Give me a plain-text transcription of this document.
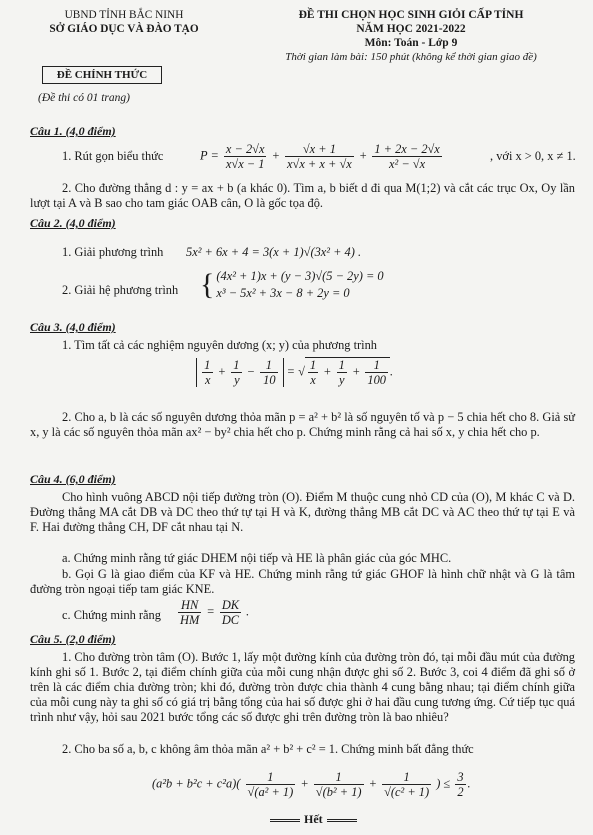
UBND TỈNH BẮC NINH
SỞ GIÁO DỤC VÀ ĐÀO TẠO
ĐỀ THI CHỌN HỌC SINH GIỎI CẤP TỈNH
NĂM HỌC 2021-2022
Môn: Toán - Lớp 9
Thời gian làm bài: 150 phút (không kể thời gian giao đề)
ĐỀ CHÍNH THỨC
(Đề thi có 01 trang)
Câu 1. (4,0 điểm)
1. Rút gọn biểu thức	$P = \frac{x - 2√x}{x√x - 1} + \frac{√x + 1}{x√x + x + √x} + \frac{1 + 2x - 2√x}{\text{x² − √x}}$	, với x > 0, x ≠ 1.
2. Cho đường thẳng d : y = ax + b (a khác 0). Tìm a, b biết d đi qua M(1;2) và cắt các trục Ox, Oy lần lượt tại A và B sao cho tam giác OAB cân, O là gốc tọa độ.
Câu 2. (4,0 điểm)
1. Giải phương trình 5x² + 6x + 4 = 3(x + 1)√(3x² + 4) .
2. Giải hệ phương trình { (4x² + 1)x + (y − 3)√(5 − 2y) = 0
x³ − 5x² + 3x − 8 + 2y = 0
Câu 3. (4,0 điểm)
1. Tìm tất cả các nghiệm nguyên dương (x; y) của phương trình
$\frac{1}{x} + \frac{1}{y} - \frac{1}{10}$ = √ $\frac{1}{x} + \frac{1}{y} + \frac{1}{100}$ .
2. Cho a, b là các số nguyên dương thỏa mãn p = a² + b² là số nguyên tố và p − 5 chia hết cho 8. Giả sử x, y là các số nguyên thỏa mãn ax² − by² chia hết cho p. Chứng minh rằng cả hai số x, y chia hết cho p.
Câu 4. (6,0 điểm)
Cho hình vuông ABCD nội tiếp đường tròn (O). Điểm M thuộc cung nhỏ CD của (O), M khác C và D. Đường thẳng MA cắt DB và DC theo thứ tự tại H và K, đường thẳng MB cắt DC và AC theo thứ tự tại E và F. Hai đường thẳng CH, DF cắt nhau tại N.
a. Chứng minh rằng tứ giác DHEM nội tiếp và HE là phân giác của góc MHC.
b. Gọi G là giao điểm của KF và HE. Chứng minh rằng tứ giác GHOF là hình chữ nhật và G là tâm đường tròn ngoại tiếp tam giác KNE.
c. Chứng minh rằng $\frac{HN}{HM} = \frac{DK}{DC}$ .
Câu 5. (2,0 điểm)
1. Cho đường tròn tâm (O). Bước 1, lấy một đường kính của đường tròn đó, tại mỗi đầu mút của đường kính ghi số 1. Bước 2, tại điểm chính giữa của mỗi cung nhận được ghi số 2. Bước 3, coi 4 điểm đã ghi số ở trên là các điểm chia đường tròn; khi đó, đường tròn được chia thành 4 cung bằng nhau; tại điểm chính giữa của mỗi cung này ta ghi số có giá trị bằng tổng của hai số được ghi ở hai đầu cung tương ứng. Cứ tiếp tục quá trình như vậy, hỏi sau 2021 bước tổng các số được ghi trên đường tròn là bao nhiêu?
2. Cho ba số a, b, c không âm thỏa mãn a² + b² + c² = 1. Chứng minh bất đẳng thức
$(a^2b + b^2c + c^2a)( \frac{1}{\text{√(a² + 1)}} + \frac{1}{\text{√(b² + 1)}} + \frac{1}{\text{√(c² + 1)}}$ ) ≤ $\frac{3}{2}$ .
Hết
